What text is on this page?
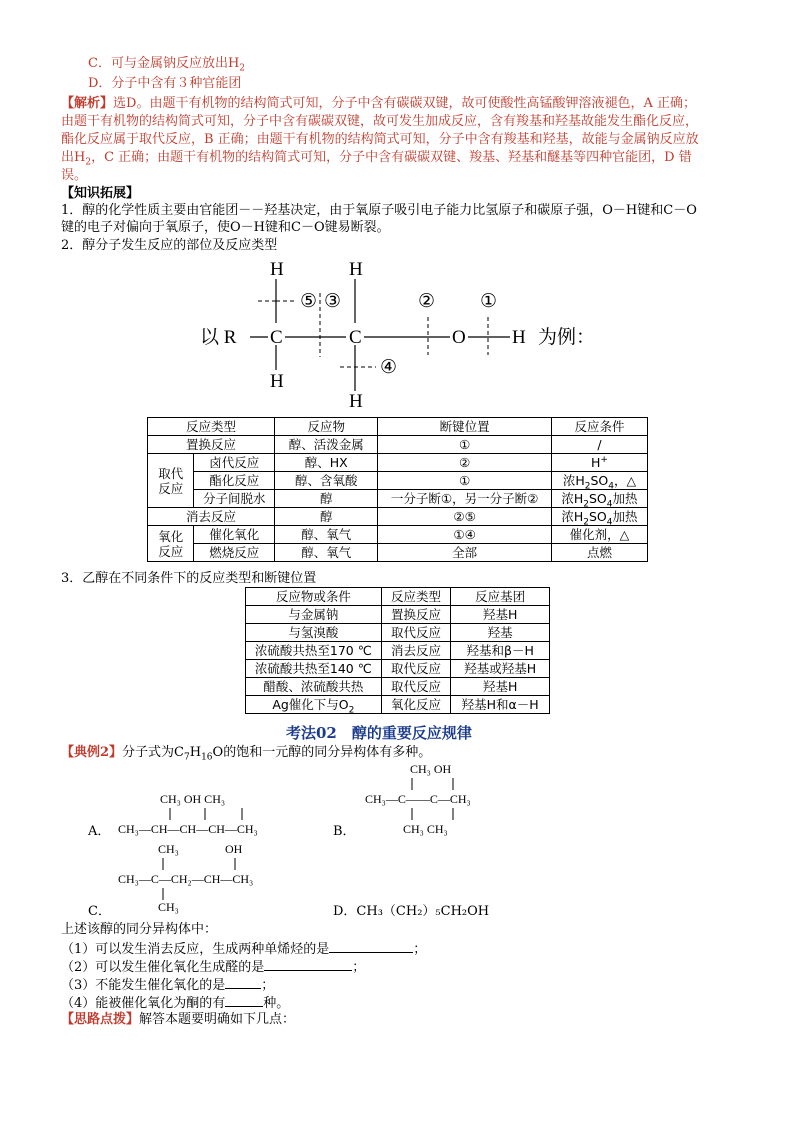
C．可与金属钠反应放出$H_2$
D．分子中含有３种官能团
【解析】选D。由题干有机物的结构简式可知，分子中含有碳碳双键，故可使酸性高锰酸钾溶液褪色，A 正确；
由题干有机物的结构简式可知，分子中含有碳碳双键，故可发生加成反应，含有羧基和羟基故能发生酯化反应，
酯化反应属于取代反应，B 正确；由题干有机物的结构简式可知，分子中含有羧基和羟基，故能与金属钠反应放
出$H_2$，C 正确；由题干有机物的结构简式可知，分子中含有碳碳双键、羧基、羟基和醚基等四种官能团，D 错
误。
【知识拓展】
1．醇的化学性质主要由官能团－－羟基决定，由于氧原子吸引电子能力比氢原子和碳原子强，O－H键和C－O
键的电子对偏向于氧原子，使O－H键和C－O键易断裂。
2．醇分子发生反应的部位及反应类型
以 R C	C	O H
H	H
H
H
为例：
⑤ ③	② ①
④
反应类型		反应物	断键位置	反应条件
置换反应		醇、活泼金属	①	/
取代
反应	卤代反应	醇、HX	②	H+
	酯化反应	醇、含氧酸	①	浓$H_2SO_4$，△
	分子间脱水	醇	一分子断①，另一分子断②	浓$H_2SO_4$加热
消去反应		醇	②⑤	浓$H_2SO_4$加热
氧化
反应	催化氧化	醇、氧气	①④	催化剂，△
	燃烧反应	醇、氧气	全部	点燃
3．乙醇在不同条件下的反应类型和断键位置
反应物或条件	反应类型	反应基团
与金属钠	置换反应	羟基H
与氢溴酸	取代反应	羟基
浓硫酸共热至170 ℃	消去反应	羟基和β－H
浓硫酸共热至140 ℃	取代反应	羟基或羟基H
醋酸、浓硫酸共热	取代反应	羟基H
Ag催化下与$O_2$	氧化反应	羟基H和α－H
考法02　醇的重要反应规律
【典例2】分子式为$C_7H_{16}O$的饱和一元醇的同分异构体有多种。
CH₃ OH CH₃
A． CH₃—CH—CH—CH—CH₃
CH₃ OH
CH₃—C——C—CH₃
CH₃ CH₃
B．
CH₃	OH
CH₃—C—CH₂—CH—CH₃
CH₃
C．	D．CH₃（CH₂）₅CH₂OH
上述该醇的同分异构体中：
（1）可以发生消去反应，生成两种单烯烃的是	；
（2）可以发生催化氧化生成醛的是	；
（3）不能发生催化氧化的是	；
（4）能被催化氧化为酮的有	种。
【思路点拨】解答本题要明确如下几点：
